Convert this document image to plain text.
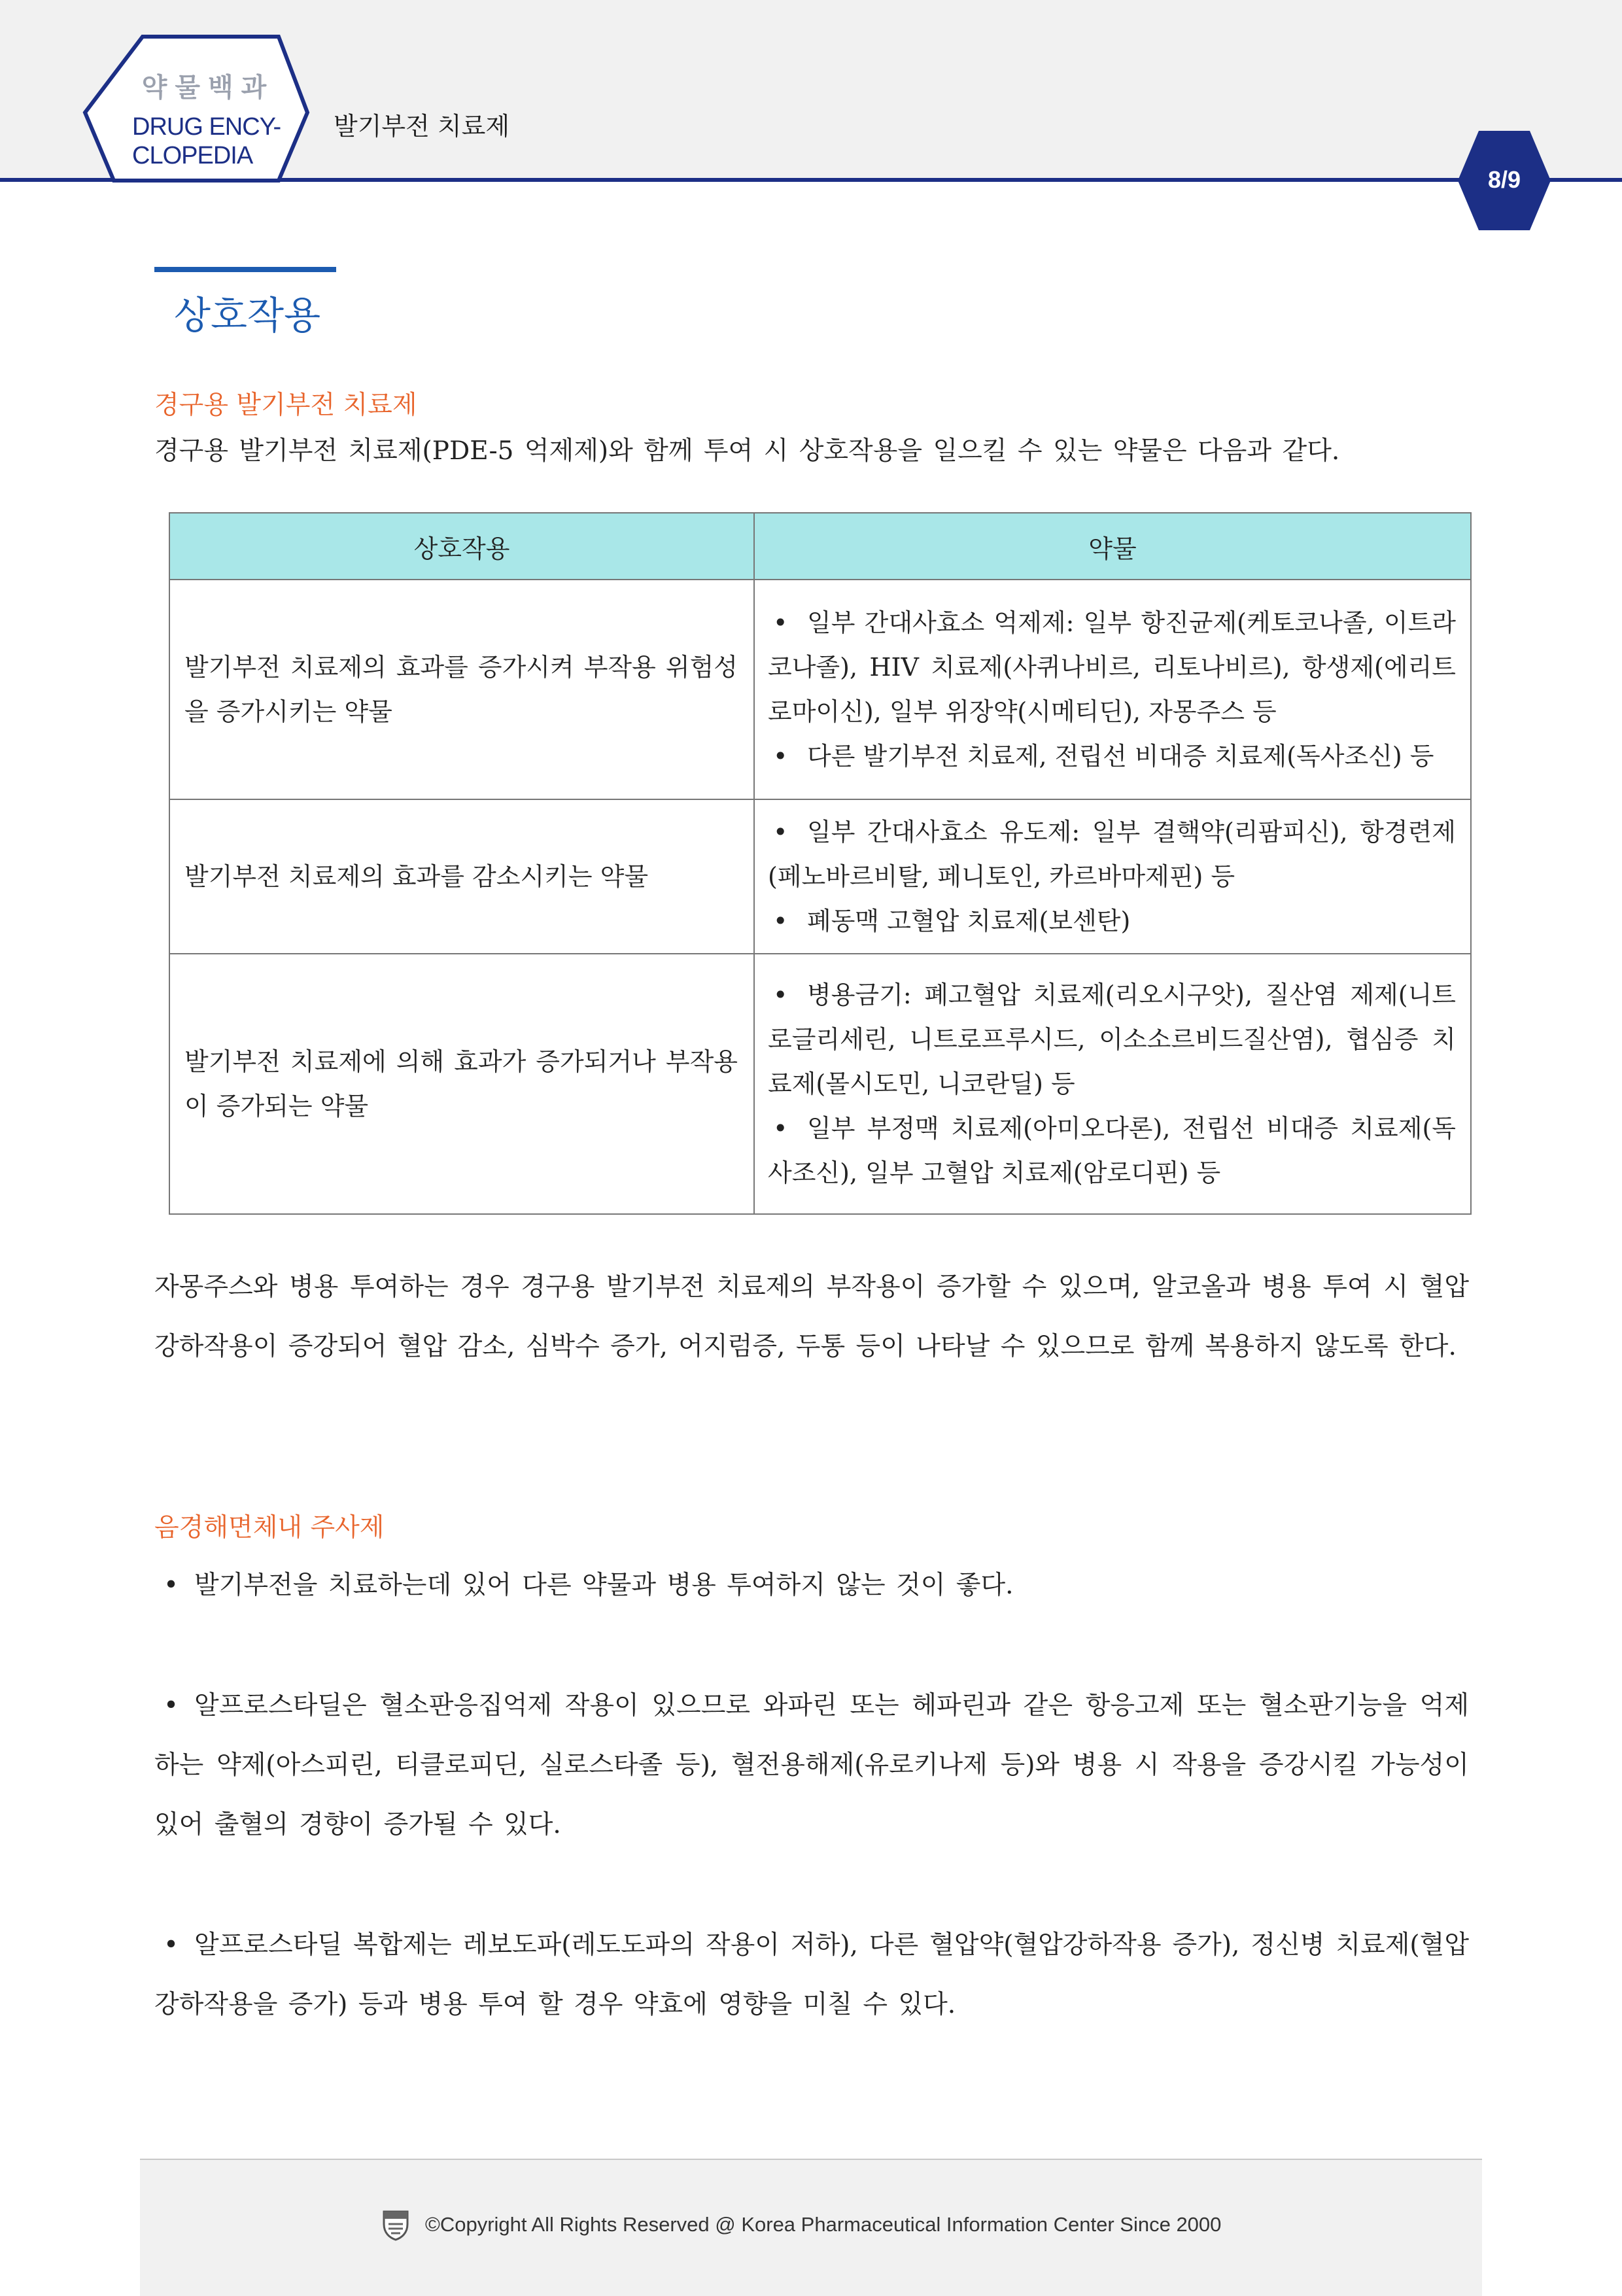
약물백과
DRUG ENCY-
CLOPEDIA
발기부전 치료제
8/9
상호작용
경구용 발기부전 치료제
경구용 발기부전 치료제(PDE-5 억제제)와 함께 투여 시 상호작용을 일으킬 수 있는 약물은 다음과 같다.
상호작용	약물
발기부전 치료제의 효과를 증가시켜 부작용 위험성을 증가시키는 약물	• 일부 간대사효소 억제제: 일부 항진균제(케토코나졸, 이트라코나졸), HIV 치료제(사퀴나비르, 리토나비르), 항생제(에리트로마이신), 일부 위장약(시메티딘), 자몽주스 등
• 다른 발기부전 치료제, 전립선 비대증 치료제(독사조신) 등

발기부전 치료제의 효과를 감소시키는 약물	• 일부 간대사효소 유도제: 일부 결핵약(리팜피신), 항경련제(페노바르비탈, 페니토인, 카르바마제핀) 등
• 폐동맥 고혈압 치료제(보센탄)

발기부전 치료제에 의해 효과가 증가되거나 부작용이 증가되는 약물	• 병용금기: 폐고혈압 치료제(리오시구앗), 질산염 제제(니트로글리세린, 니트로프루시드, 이소소르비드질산염), 협심증 치료제(몰시도민, 니코란딜) 등
• 일부 부정맥 치료제(아미오다론), 전립선 비대증 치료제(독사조신), 일부 고혈압 치료제(암로디핀) 등
자몽주스와 병용 투여하는 경우 경구용 발기부전 치료제의 부작용이 증가할 수 있으며, 알코올과 병용 투여 시 혈압 강하작용이 증강되어 혈압 감소, 심박수 증가, 어지럼증, 두통 등이 나타날 수 있으므로 함께 복용하지 않도록 한다.
음경해면체내 주사제
• 발기부전을 치료하는데 있어 다른 약물과 병용 투여하지 않는 것이 좋다.
• 알프로스타딜은 혈소판응집억제 작용이 있으므로 와파린 또는 헤파린과 같은 항응고제 또는 혈소판기능을 억제하는 약제(아스피린, 티클로피딘, 실로스타졸 등), 혈전용해제(유로키나제 등)와 병용 시 작용을 증강시킬 가능성이 있어 출혈의 경향이 증가될 수 있다.
• 알프로스타딜 복합제는 레보도파(레도도파의 작용이 저하), 다른 혈압약(혈압강하작용 증가), 정신병 치료제(혈압강하작용을 증가) 등과 병용 투여 할 경우 약효에 영향을 미칠 수 있다.
©Copyright All Rights Reserved @ Korea Pharmaceutical Information Center Since 2000
